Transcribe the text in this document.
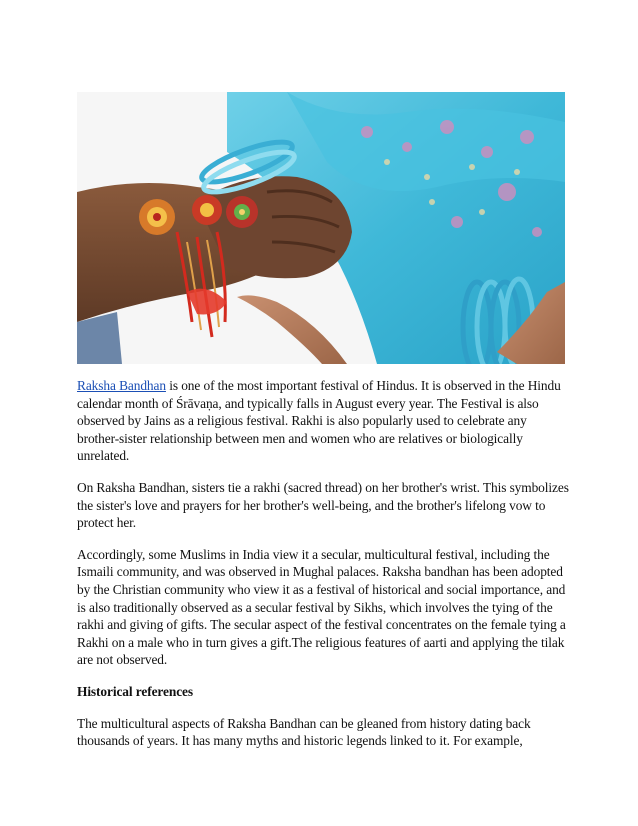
Raksha Bandhan is one of the most important festival of Hindus. It is observed in the Hindu calendar month of Śrāvaṇa, and typically falls in August every year. The Festival is also observed by Jains as a religious festival. Rakhi is also popularly used to celebrate any brother-sister relationship between men and women who are relatives or biologically unrelated.

On Raksha Bandhan, sisters tie a rakhi (sacred thread) on her brother's wrist. This symbolizes the sister's love and prayers for her brother's well-being, and the brother's lifelong vow to protect her.

Accordingly, some Muslims in India view it a secular, multicultural festival, including the Ismaili community, and was observed in Mughal palaces. Raksha bandhan has been adopted by the Christian community who view it as a festival of historical and social importance, and is also traditionally observed as a secular festival by Sikhs, which involves the tying of the rakhi and giving of gifts. The secular aspect of the festival concentrates on the female tying a Rakhi on a male who in turn gives a gift.The religious features of aarti and applying the tilak are not observed.

Historical references

The multicultural aspects of Raksha Bandhan can be gleaned from history dating back thousands of years. It has many myths and historic legends linked to it. For example,
